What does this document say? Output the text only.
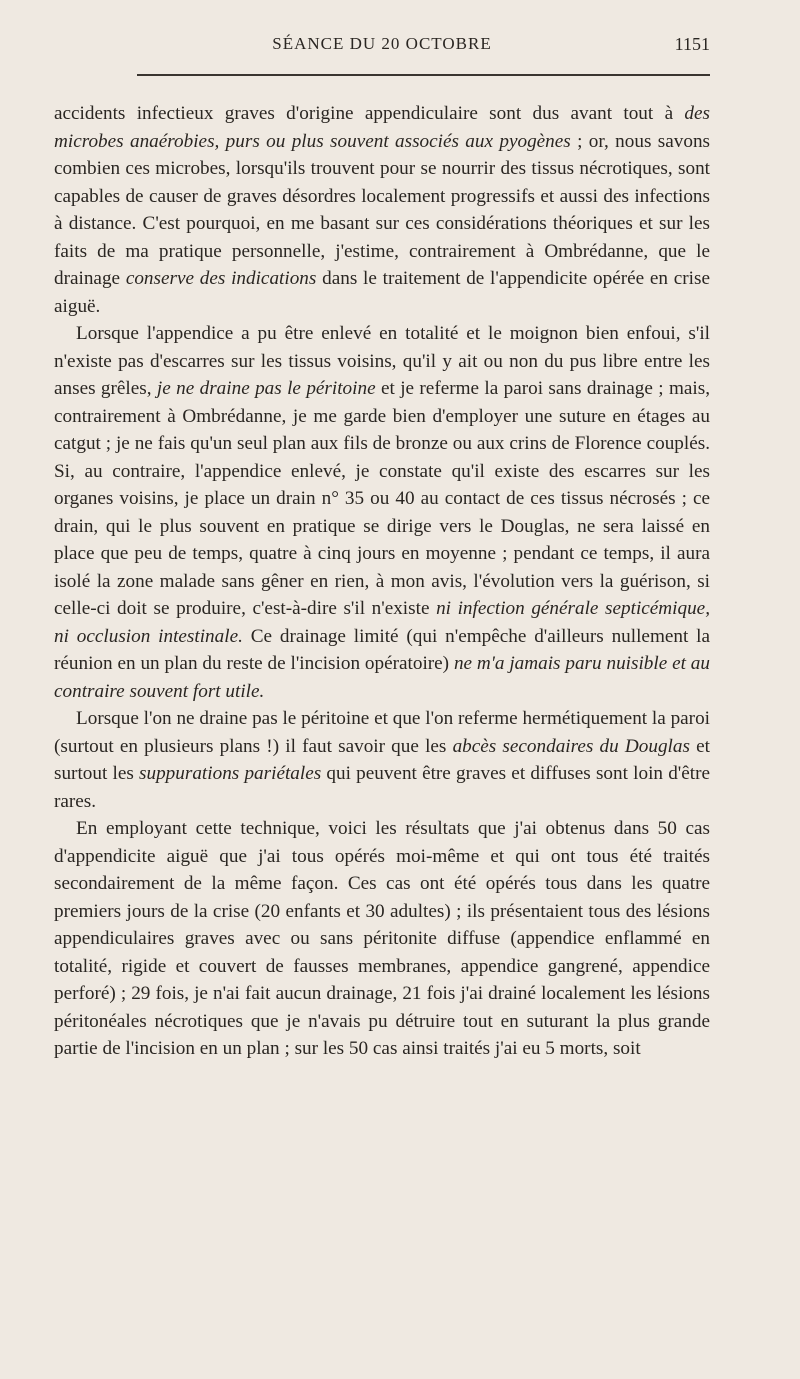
SÉANCE DU 20 OCTOBRE	1151

accidents infectieux graves d'origine appendiculaire sont dus avant tout à des microbes anaérobies, purs ou plus souvent associés aux pyogènes ; or, nous savons combien ces microbes, lorsqu'ils trouvent pour se nourrir des tissus nécrotiques, sont capables de causer de graves désordres localement progressifs et aussi des infections à distance. C'est pourquoi, en me basant sur ces considérations théoriques et sur les faits de ma pratique personnelle, j'estime, contrairement à Ombrédanne, que le drainage conserve des indications dans le traitement de l'appendicite opérée en crise aiguë.

Lorsque l'appendice a pu être enlevé en totalité et le moignon bien enfoui, s'il n'existe pas d'escarres sur les tissus voisins, qu'il y ait ou non du pus libre entre les anses grêles, je ne draine pas le péritoine et je referme la paroi sans drainage ; mais, contrairement à Ombrédanne, je me garde bien d'employer une suture en étages au catgut ; je ne fais qu'un seul plan aux fils de bronze ou aux crins de Florence couplés. Si, au contraire, l'appendice enlevé, je constate qu'il existe des escarres sur les organes voisins, je place un drain n° 35 ou 40 au contact de ces tissus nécrosés ; ce drain, qui le plus souvent en pratique se dirige vers le Douglas, ne sera laissé en place que peu de temps, quatre à cinq jours en moyenne ; pendant ce temps, il aura isolé la zone malade sans gêner en rien, à mon avis, l'évolution vers la guérison, si celle-ci doit se produire, c'est-à-dire s'il n'existe ni infection générale septicémique, ni occlusion intestinale. Ce drainage limité (qui n'empêche d'ailleurs nullement la réunion en un plan du reste de l'incision opératoire) ne m'a jamais paru nuisible et au contraire souvent fort utile.

Lorsque l'on ne draine pas le péritoine et que l'on referme hermétiquement la paroi (surtout en plusieurs plans !) il faut savoir que les abcès secondaires du Douglas et surtout les suppurations pariétales qui peuvent être graves et diffuses sont loin d'être rares.

En employant cette technique, voici les résultats que j'ai obtenus dans 50 cas d'appendicite aiguë que j'ai tous opérés moi-même et qui ont tous été traités secondairement de la même façon. Ces cas ont été opérés tous dans les quatre premiers jours de la crise (20 enfants et 30 adultes) ; ils présentaient tous des lésions appendiculaires graves avec ou sans péritonite diffuse (appendice enflammé en totalité, rigide et couvert de fausses membranes, appendice gangrené, appendice perforé) ; 29 fois, je n'ai fait aucun drainage, 21 fois j'ai drainé localement les lésions péritonéales nécrotiques que je n'avais pu détruire tout en suturant la plus grande partie de l'incision en un plan ; sur les 50 cas ainsi traités j'ai eu 5 morts, soit
